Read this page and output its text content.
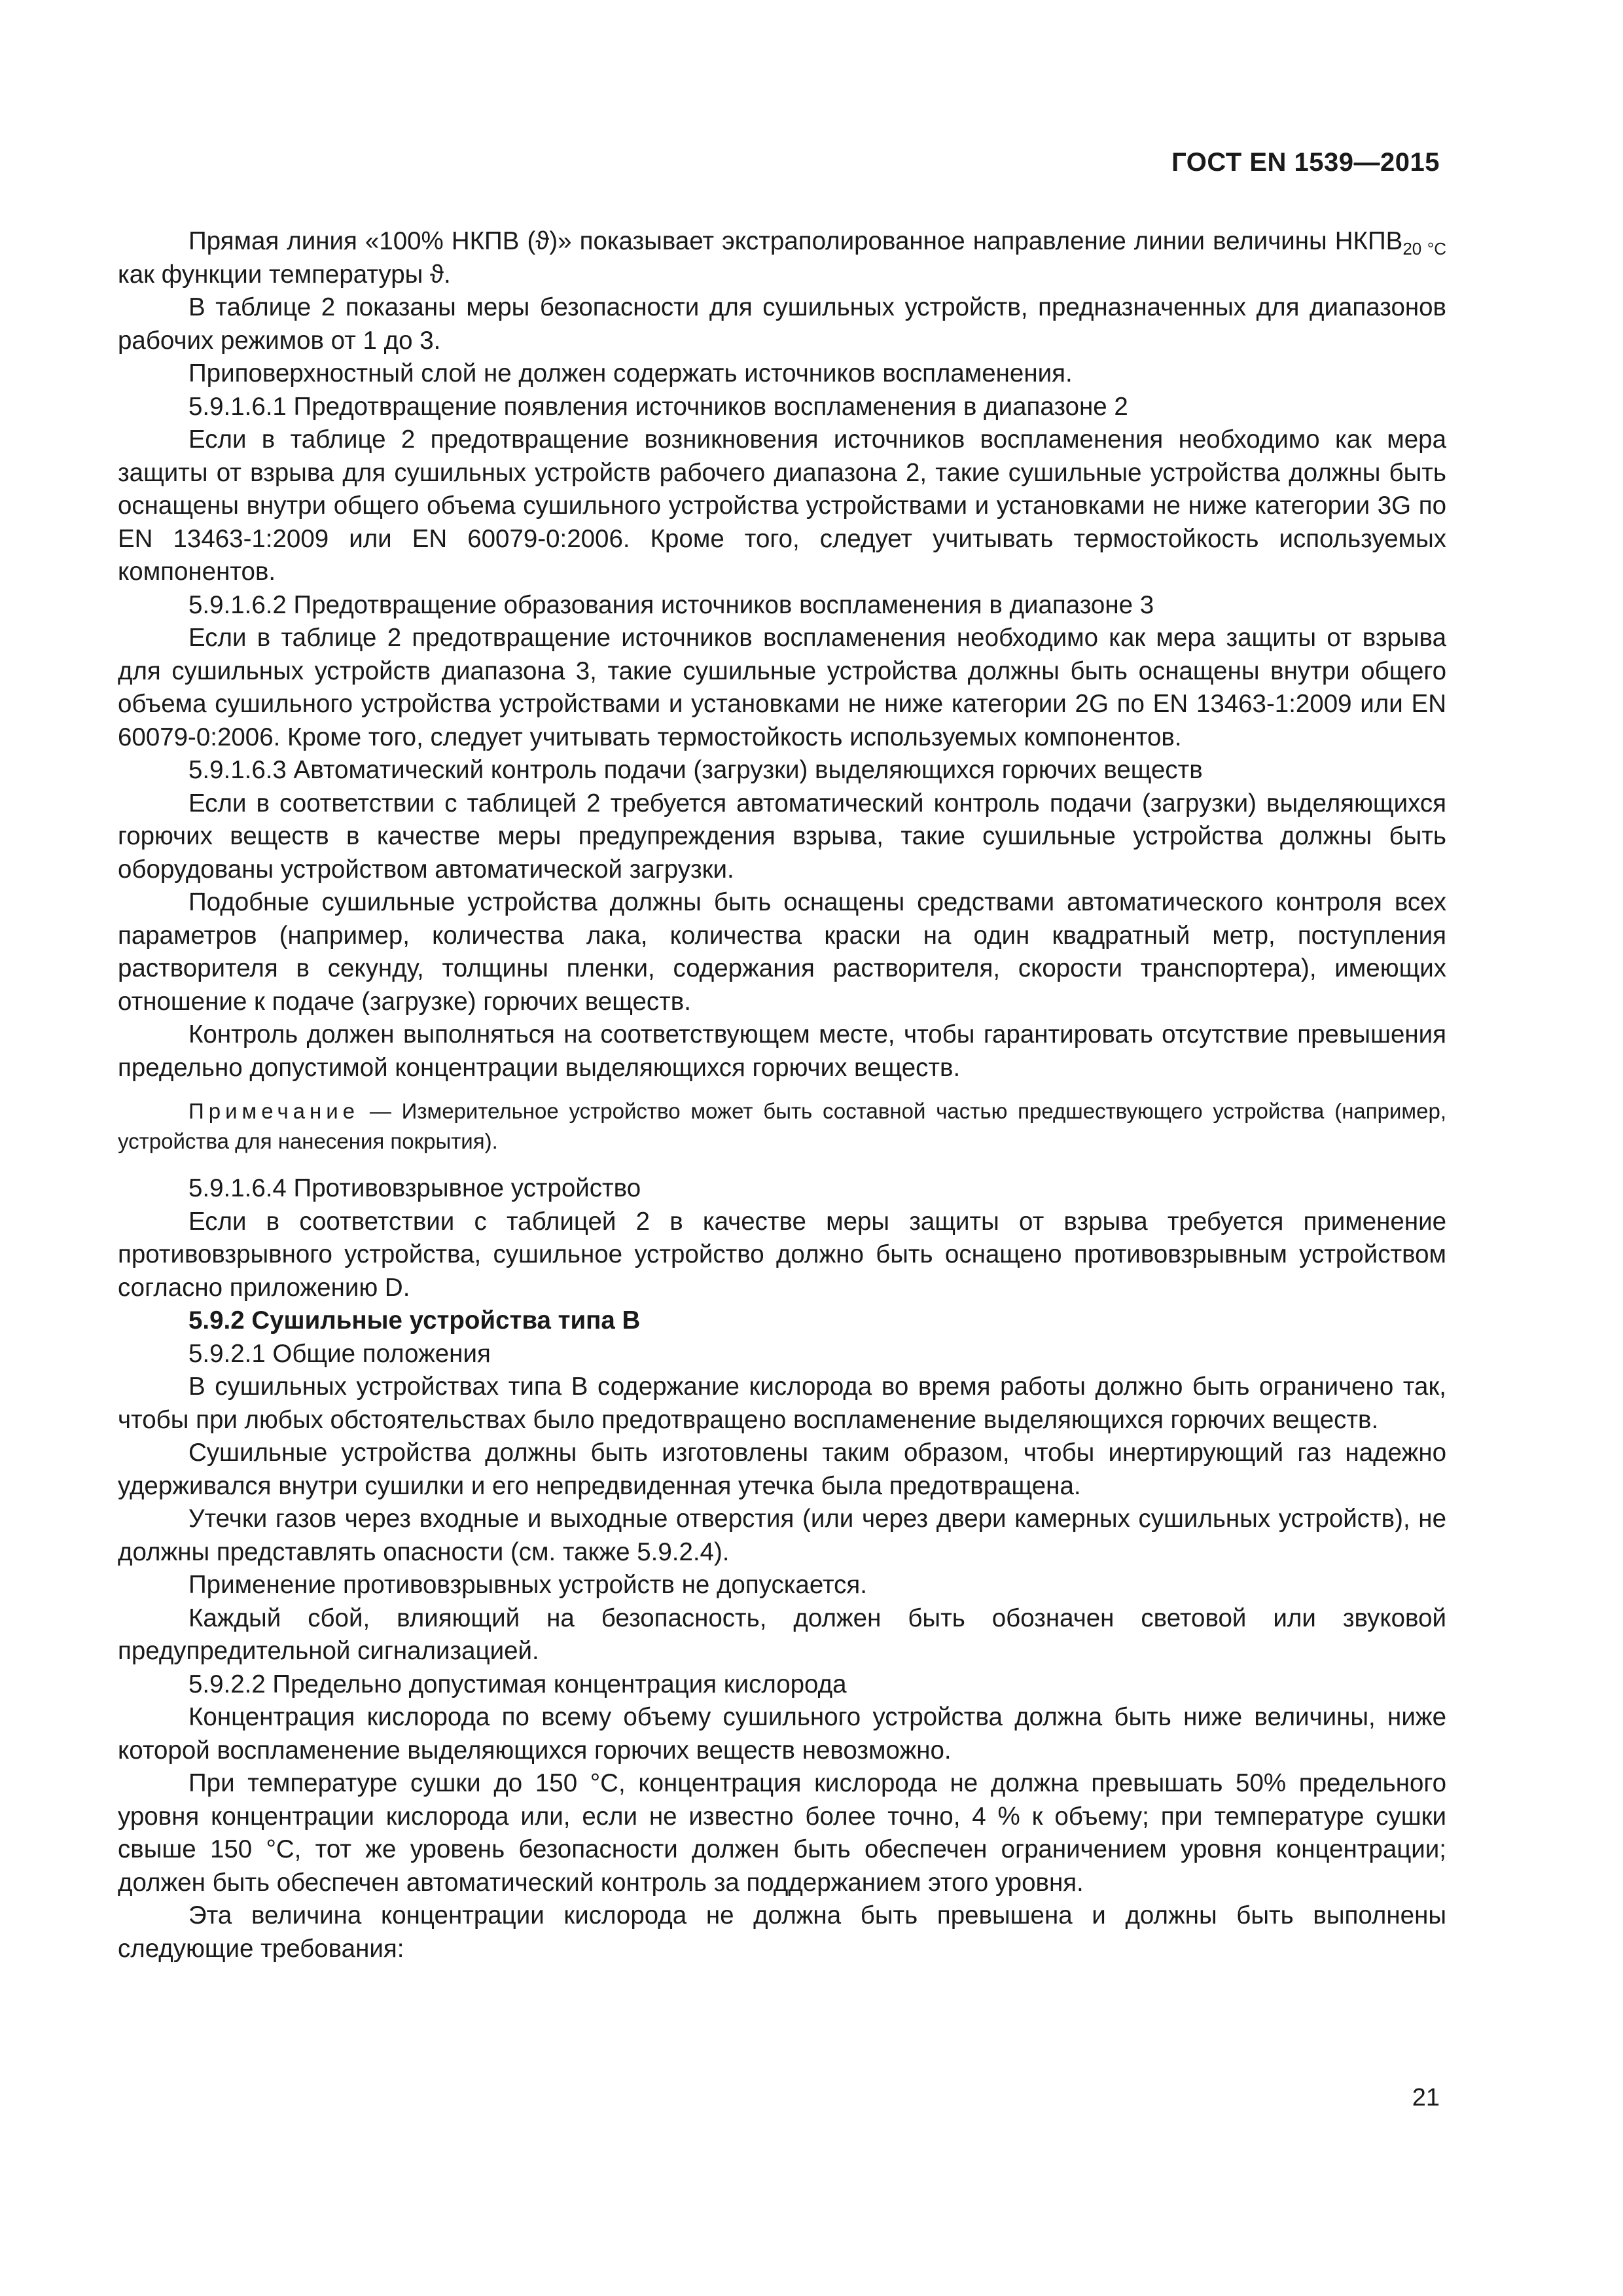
ГОСТ EN 1539—2015

Прямая линия «100% НКПВ (ϑ)» показывает экстраполированное направление линии величины $НКПВ_{20 ^\circ C}$ как функции температуры ϑ.

В таблице 2 показаны меры безопасности для сушильных устройств, предназначенных для диапазонов рабочих режимов от 1 до 3.

Приповерхностный слой не должен содержать источников воспламенения.

5.9.1.6.1 Предотвращение появления источников воспламенения в диапазоне 2

Если в таблице 2 предотвращение возникновения источников воспламенения необходимо как мера защиты от взрыва для сушильных устройств рабочего диапазона 2, такие сушильные устройства должны быть оснащены внутри общего объема сушильного устройства устройствами и установками не ниже категории 3G по EN 13463-1:2009 или EN 60079-0:2006. Кроме того, следует учитывать термостойкость используемых компонентов.

5.9.1.6.2 Предотвращение образования источников воспламенения в диапазоне 3

Если в таблице 2 предотвращение источников воспламенения необходимо как мера защиты от взрыва для сушильных устройств диапазона 3, такие сушильные устройства должны быть оснащены внутри общего объема сушильного устройства устройствами и установками не ниже категории 2G по EN 13463-1:2009 или EN 60079-0:2006. Кроме того, следует учитывать термостойкость используемых компонентов.

5.9.1.6.3 Автоматический контроль подачи (загрузки) выделяющихся горючих веществ

Если в соответствии с таблицей 2 требуется автоматический контроль подачи (загрузки) выделяющихся горючих веществ в качестве меры предупреждения взрыва, такие сушильные устройства должны быть оборудованы устройством автоматической загрузки.

Подобные сушильные устройства должны быть оснащены средствами автоматического контроля всех параметров (например, количества лака, количества краски на один квадратный метр, поступления растворителя в секунду, толщины пленки, содержания растворителя, скорости транспортера), имеющих отношение к подаче (загрузке) горючих веществ.

Контроль должен выполняться на соответствующем месте, чтобы гарантировать отсутствие превышения предельно допустимой концентрации выделяющихся горючих веществ.

Примечание — Измерительное устройство может быть составной частью предшествующего устройства (например, устройства для нанесения покрытия).

5.9.1.6.4 Противовзрывное устройство

Если в соответствии с таблицей 2 в качестве меры защиты от взрыва требуется применение противовзрывного устройства, сушильное устройство должно быть оснащено противовзрывным устройством согласно приложению D.

5.9.2 Сушильные устройства типа B

5.9.2.1 Общие положения

В сушильных устройствах типа B содержание кислорода во время работы должно быть ограничено так, чтобы при любых обстоятельствах было предотвращено воспламенение выделяющихся горючих веществ.

Сушильные устройства должны быть изготовлены таким образом, чтобы инертирующий газ надежно удерживался внутри сушилки и его непредвиденная утечка была предотвращена.

Утечки газов через входные и выходные отверстия (или через двери камерных сушильных устройств), не должны представлять опасности (см. также 5.9.2.4).

Применение противовзрывных устройств не допускается.

Каждый сбой, влияющий на безопасность, должен быть обозначен световой или звуковой предупредительной сигнализацией.

5.9.2.2 Предельно допустимая концентрация кислорода

Концентрация кислорода по всему объему сушильного устройства должна быть ниже величины, ниже которой воспламенение выделяющихся горючих веществ невозможно.

При температуре сушки до 150 °C, концентрация кислорода не должна превышать 50% предельного уровня концентрации кислорода или, если не известно более точно, 4 % к объему; при температуре сушки свыше 150 °C, тот же уровень безопасности должен быть обеспечен ограничением уровня концентрации; должен быть обеспечен автоматический контроль за поддержанием этого уровня.

Эта величина концентрации кислорода не должна быть превышена и должны быть выполнены следующие требования:

21
